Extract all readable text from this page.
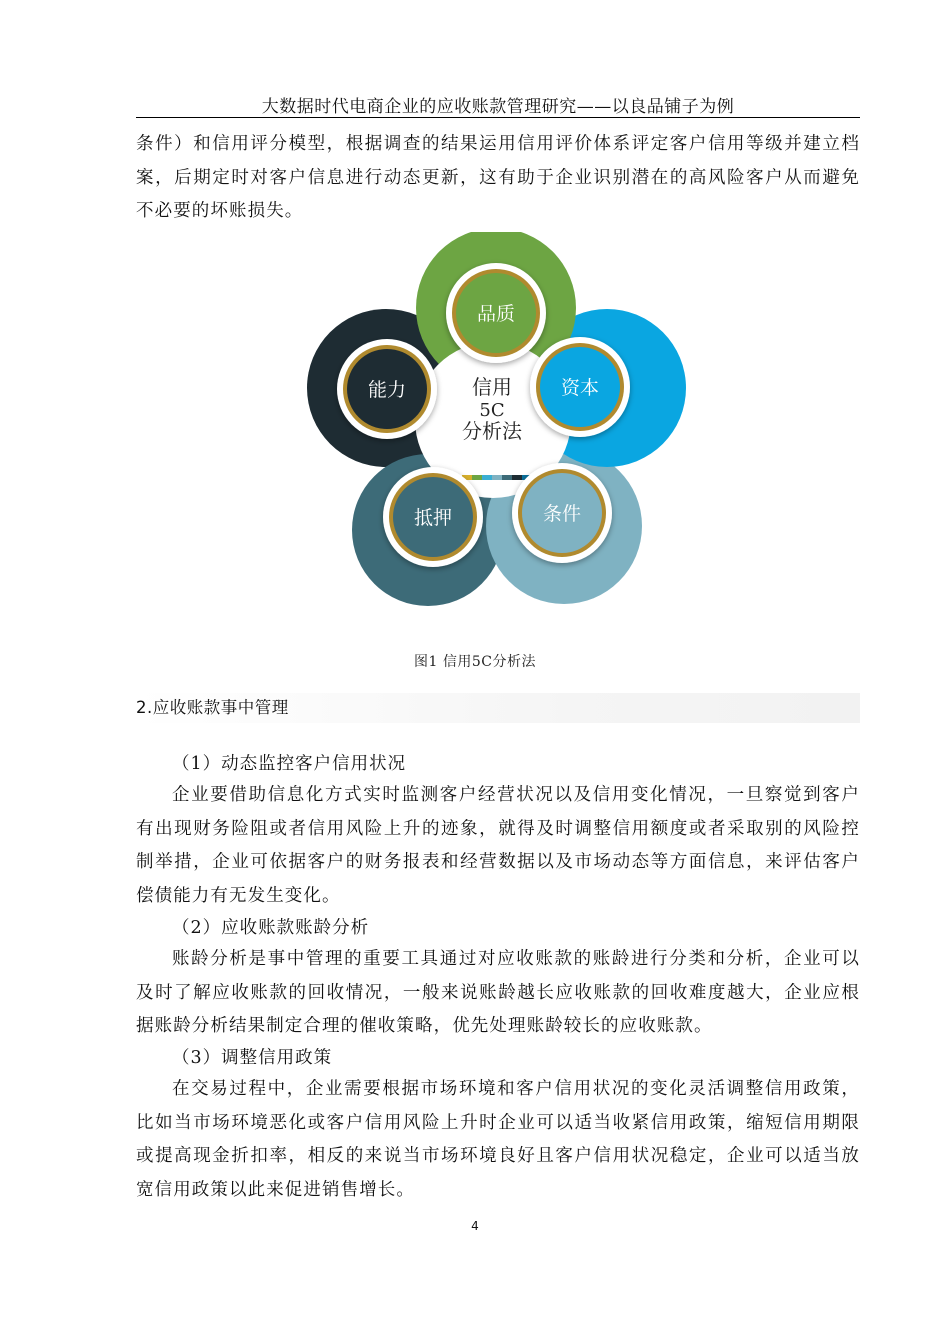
大数据时代电商企业的应收账款管理研究——以良品铺子为例

条件）和信用评分模型，根据调查的结果运用信用评价体系评定客户信用等级并建立档案，后期定时对客户信息进行动态更新，这有助于企业识别潜在的高风险客户从而避免不必要的坏账损失。

品质
资本
条件
抵押
能力	信用
5C
分析法
图1 信用5C分析法
2.应收账款事中管理

（1）动态监控客户信用状况

企业要借助信息化方式实时监测客户经营状况以及信用变化情况，一旦察觉到客户有出现财务险阻或者信用风险上升的迹象，就得及时调整信用额度或者采取别的风险控制举措，企业可依据客户的财务报表和经营数据以及市场动态等方面信息，来评估客户偿债能力有无发生变化。

（2）应收账款账龄分析

账龄分析是事中管理的重要工具通过对应收账款的账龄进行分类和分析，企业可以及时了解应收账款的回收情况，一般来说账龄越长应收账款的回收难度越大，企业应根据账龄分析结果制定合理的催收策略，优先处理账龄较长的应收账款。

（3）调整信用政策

在交易过程中，企业需要根据市场环境和客户信用状况的变化灵活调整信用政策，比如当市场环境恶化或客户信用风险上升时企业可以适当收紧信用政策，缩短信用期限或提高现金折扣率，相反的来说当市场环境良好且客户信用状况稳定，企业可以适当放宽信用政策以此来促进销售增长。

4
